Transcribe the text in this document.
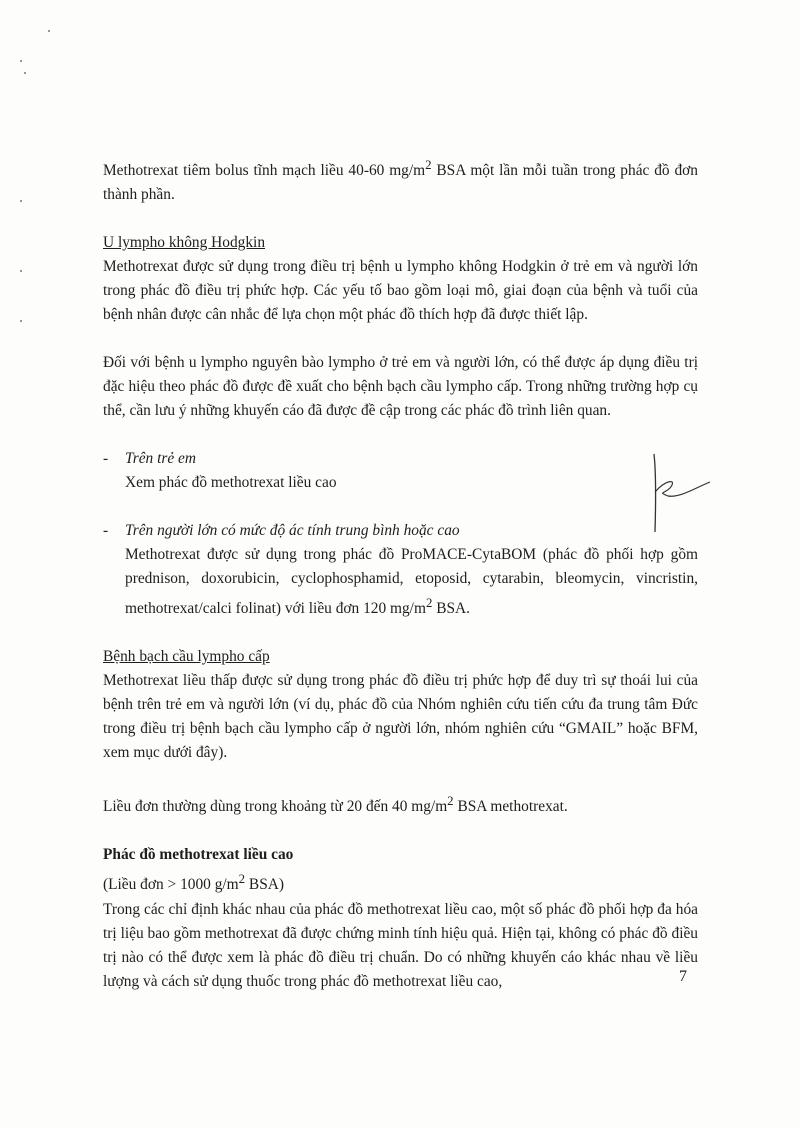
Methotrexat tiêm bolus tĩnh mạch liều 40-60 $mg/m^2$ BSA một lần mỗi tuần trong phác đồ đơn thành phần.

U lympho không Hodgkin

Methotrexat được sử dụng trong điều trị bệnh u lympho không Hodgkin ở trẻ em và người lớn trong phác đồ điều trị phức hợp. Các yếu tố bao gồm loại mô, giai đoạn của bệnh và tuổi của bệnh nhân được cân nhắc để lựa chọn một phác đồ thích hợp đã được thiết lập.

Đối với bệnh u lympho nguyên bào lympho ở trẻ em và người lớn, có thể được áp dụng điều trị đặc hiệu theo phác đồ được đề xuất cho bệnh bạch cầu lympho cấp. Trong những trường hợp cụ thể, cần lưu ý những khuyến cáo đã được đề cập trong các phác đồ trình liên quan.

- Trên trẻ em

Xem phác đồ methotrexat liều cao

- Trên người lớn có mức độ ác tính trung bình hoặc cao

Methotrexat được sử dụng trong phác đồ ProMACE-CytaBOM (phác đồ phối hợp gồm prednison, doxorubicin, cyclophosphamid, etoposid, cytarabin, bleomycin, vincristin, methotrexat/calci folinat) với liều đơn 120 $mg/m^2$ BSA.

Bệnh bạch cầu lympho cấp

Methotrexat liều thấp được sử dụng trong phác đồ điều trị phức hợp để duy trì sự thoái lui của bệnh trên trẻ em và người lớn (ví dụ, phác đồ của Nhóm nghiên cứu tiến cứu đa trung tâm Đức trong điều trị bệnh bạch cầu lympho cấp ở người lớn, nhóm nghiên cứu “GMAIL” hoặc BFM, xem mục dưới đây).

Liều đơn thường dùng trong khoảng từ 20 đến 40 $mg/m^2$ BSA methotrexat.

Phác đồ methotrexat liều cao

(Liều đơn > 1000 $g/m^2$ BSA)

Trong các chỉ định khác nhau của phác đồ methotrexat liều cao, một số phác đồ phối hợp đa hóa trị liệu bao gồm methotrexat đã được chứng minh tính hiệu quả. Hiện tại, không có phác đồ điều trị nào có thể được xem là phác đồ điều trị chuẩn. Do có những khuyến cáo khác nhau về liều lượng và cách sử dụng thuốc trong phác đồ methotrexat liều cao,	7
